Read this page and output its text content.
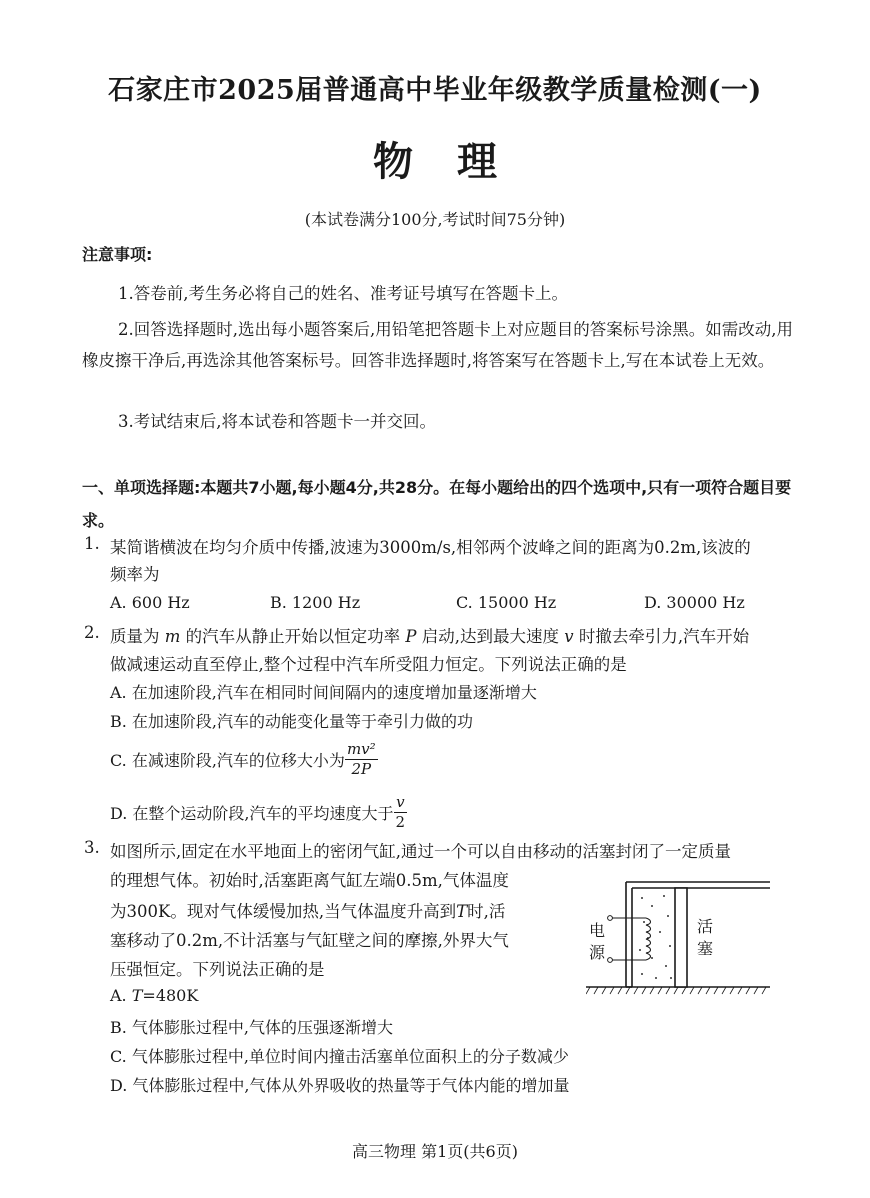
石家庄市2025届普通高中毕业年级教学质量检测(一)
物理
(本试卷满分100分,考试时间75分钟)
注意事项:
1.答卷前,考生务必将自己的姓名、准考证号填写在答题卡上。
2.回答选择题时,选出每小题答案后,用铅笔把答题卡上对应题目的答案标号涂黑。如需改动,用橡皮擦干净后,再选涂其他答案标号。回答非选择题时,将答案写在答题卡上,写在本试卷上无效。
3.考试结束后,将本试卷和答题卡一并交回。
一、单项选择题:本题共7小题,每小题4分,共28分。在每小题给出的四个选项中,只有一项符合题目要求。
1. 某简谐横波在均匀介质中传播,波速为3000m/s,相邻两个波峰之间的距离为0.2m,该波的
频率为
A. 600 Hz	B. 1200 Hz	C. 15000 Hz	D. 30000 Hz
2. 质量为 m 的汽车从静止开始以恒定功率 P 启动,达到最大速度 v 时撤去牵引力,汽车开始
做减速运动直至停止,整个过程中汽车所受阻力恒定。下列说法正确的是
A. 在加速阶段,汽车在相同时间间隔内的速度增加量逐渐增大
B. 在加速阶段,汽车的动能变化量等于牵引力做的功
C. 在减速阶段,汽车的位移大小为 $\frac{\text{mv²}}{2P}$
D. 在整个运动阶段,汽车的平均速度大于 $\frac{v}{2}$
3. 如图所示,固定在水平地面上的密闭气缸,通过一个可以自由移动的活塞封闭了一定质量
的理想气体。初始时,活塞距离气缸左端0.5m,气体温度
为300K。现对气体缓慢加热,当气体温度升高到T时,活
塞移动了0.2m,不计活塞与气缸壁之间的摩擦,外界大气
压强恒定。下列说法正确的是
A. T=480K
B. 气体膨胀过程中,气体的压强逐渐增大
C. 气体膨胀过程中,单位时间内撞击活塞单位面积上的分子数减少
D. 气体膨胀过程中,气体从外界吸收的热量等于气体内能的增加量
电源
活塞
高三物理 第1页(共6页)
